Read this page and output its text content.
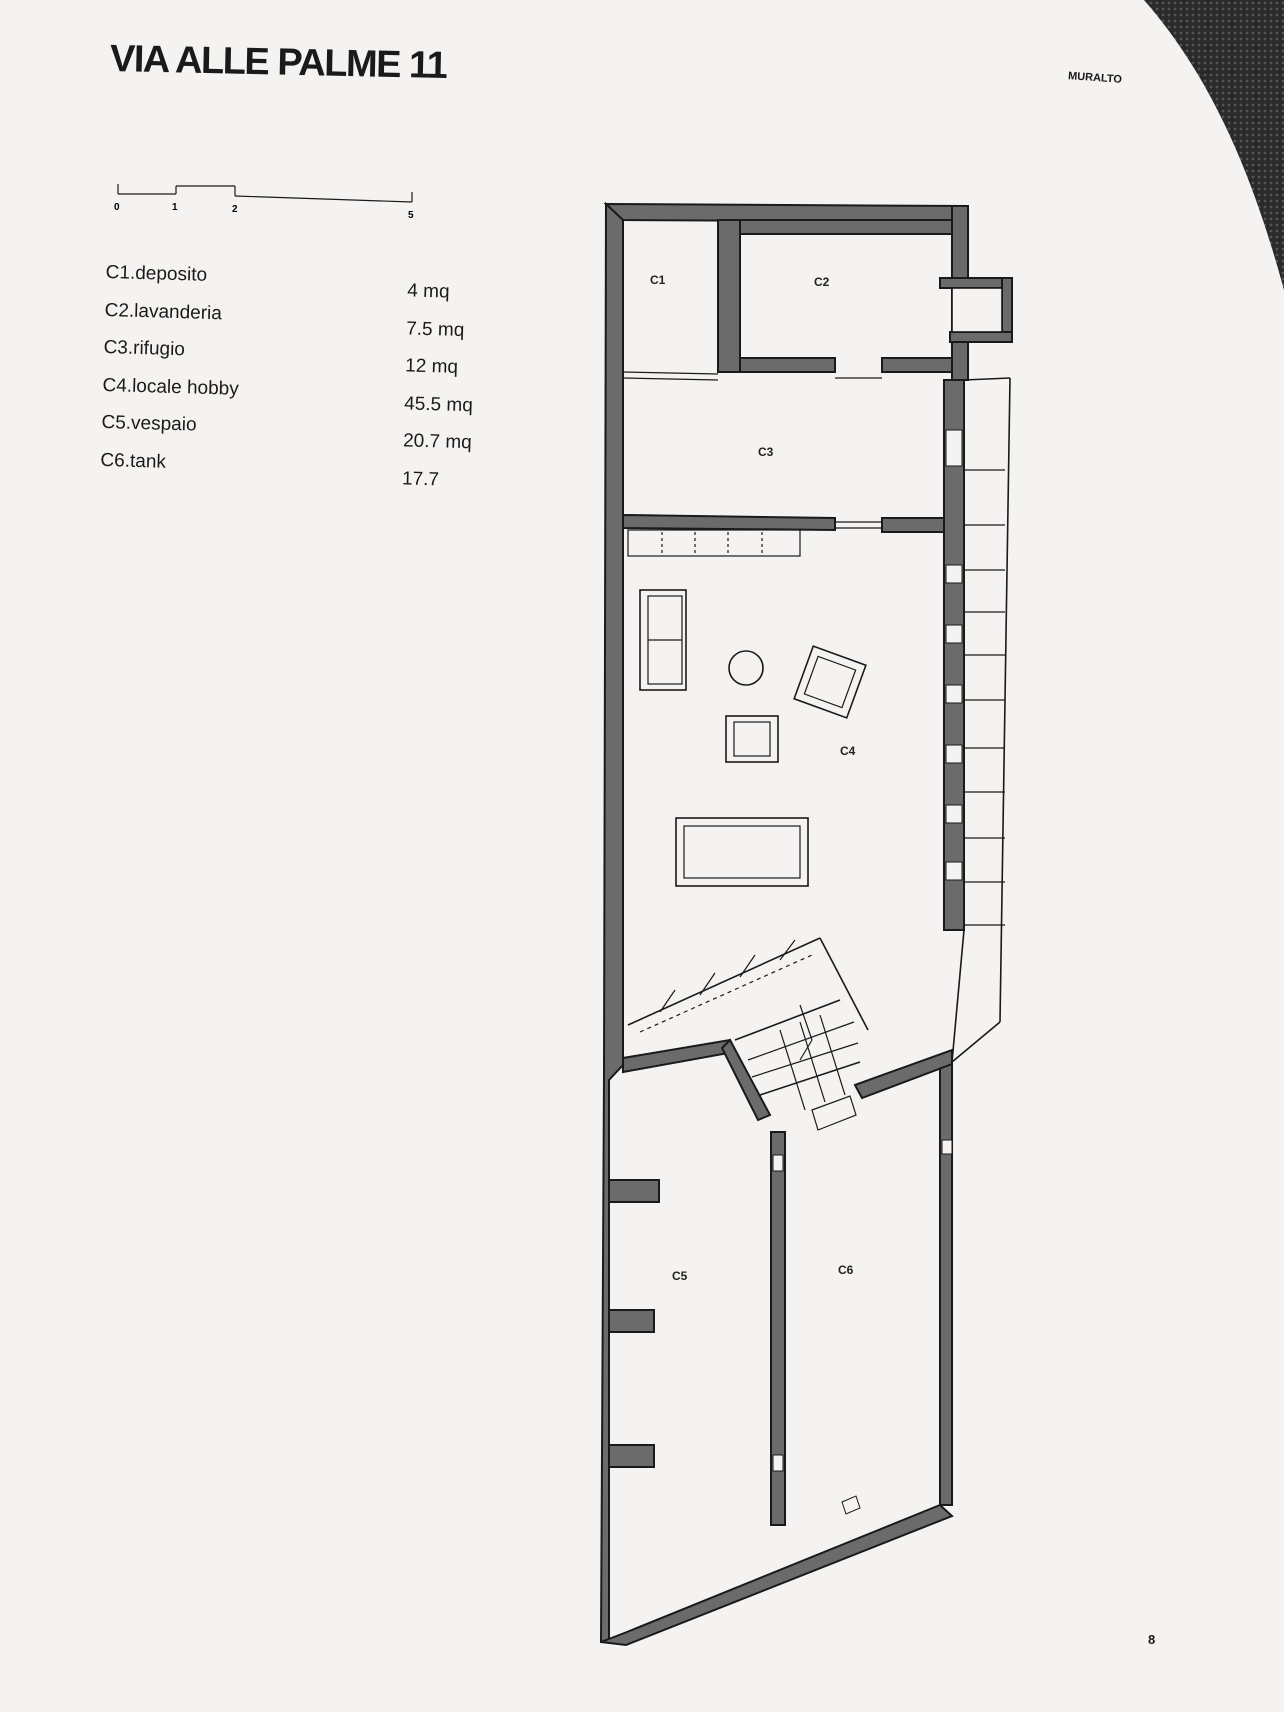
VIA ALLE PALME 11	MURALTO
0	1	2
5
C1.deposito
4 mq
C2.lavanderia
7.5 mq
C3.rifugio
12 mq
C4.locale hobby
45.5 mq
C5.vespaio
20.7 mq
C6.tank
17.7
C1	C2
C3
C4
C5	C6
8
